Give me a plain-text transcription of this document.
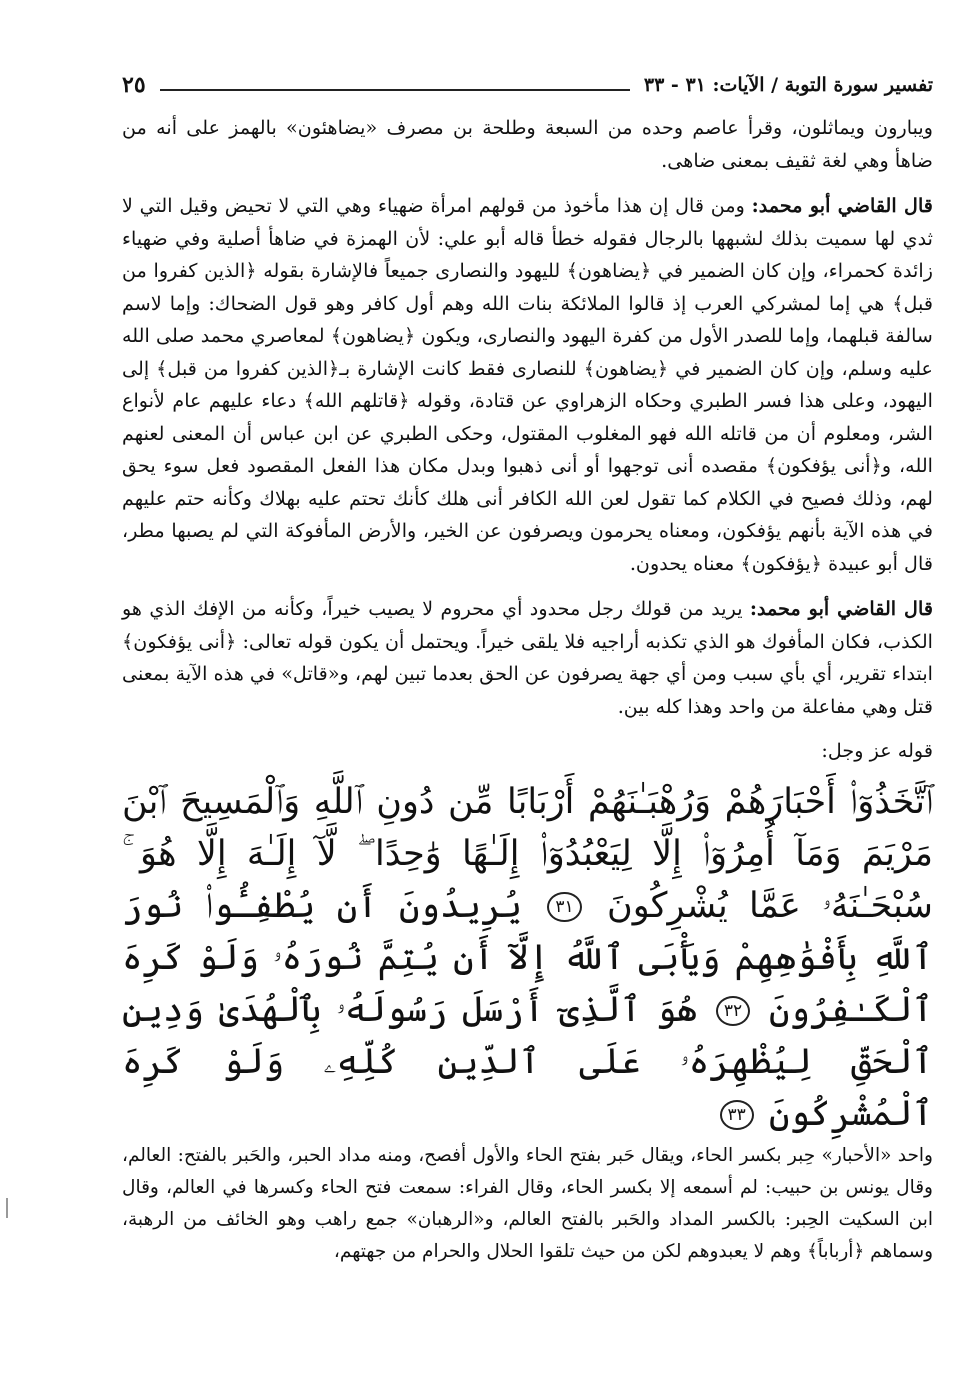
تفسير سورة التوبة / الآيات: ٣١ - ٣٣
٢٥

ويبارون ويماثلون، وقرأ عاصم وحده من السبعة وطلحة بن مصرف «يضاهئون» بالهمز على أنه من ضاهأ وهي لغة ثقيف بمعنى ضاهى.

قال القاضي أبو محمد: ومن قال إن هذا مأخوذ من قولهم امرأة ضهياء وهي التي لا تحيض وقيل التي لا ثدي لها سميت بذلك لشبهها بالرجال فقوله خطأ قاله أبو علي: لأن الهمزة في ضاهأ أصلية وفي ضهياء زائدة كحمراء، وإن كان الضمير في ﴿يضاهون﴾ لليهود والنصارى جميعاً فالإشارة بقوله ﴿الذين كفروا من قبل﴾ هي إما لمشركي العرب إذ قالوا الملائكة بنات الله وهم أول كافر وهو قول الضحاك: وإما لاسم سالفة قبلهما، وإما للصدر الأول من كفرة اليهود والنصارى، ويكون ﴿يضاهون﴾ لمعاصري محمد صلى الله عليه وسلم، وإن كان الضمير في ﴿يضاهون﴾ للنصارى فقط كانت الإشارة بـ﴿الذين كفروا من قبل﴾ إلى اليهود، وعلى هذا فسر الطبري وحكاه الزهراوي عن قتادة، وقوله ﴿قاتلهم الله﴾ دعاء عليهم عام لأنواع الشر، ومعلوم أن من قاتله الله فهو المغلوب المقتول، وحكى الطبري عن ابن عباس أن المعنى لعنهم الله، و﴿أنى يؤفكون﴾ مقصده أنى توجهوا أو أنى ذهبوا وبدل مكان هذا الفعل المقصود فعل سوء يحق لهم، وذلك فصيح في الكلام كما تقول لعن الله الكافر أنى هلك كأنك تحتم عليه بهلاك وكأنه حتم عليهم في هذه الآية بأنهم يؤفكون، ومعناه يحرمون ويصرفون عن الخير، والأرض المأفوكة التي لم يصبها مطر، قال أبو عبيدة ﴿يؤفكون﴾ معناه يحدون.

قال القاضي أبو محمد: يريد من قولك رجل محدود أي محروم لا يصيب خيراً، وكأنه من الإفك الذي هو الكذب، فكان المأفوك هو الذي تكذبه أراجيه فلا يلقى خيراً. ويحتمل أن يكون قوله تعالى: ﴿أنى يؤفكون﴾ ابتداء تقرير، أي بأي سبب ومن أي جهة يصرفون عن الحق بعدما تبين لهم، و«قاتل» في هذه الآية بمعنى قتل وهي مفاعلة من واحد وهذا كله بين.

قوله عز وجل:

ٱتَّخَذُوٓا۟ أَحْبَارَهُمْ وَرُهْبَـٰنَهُمْ أَرْبَابًا مِّن دُونِ ٱللَّهِ وَٱلْمَسِيحَ ٱبْنَ مَرْيَمَ وَمَآ أُمِرُوٓا۟ إِلَّا لِيَعْبُدُوٓا۟ إِلَـٰهًا وَٰحِدًا ۖ لَّآ إِلَـٰهَ إِلَّا هُوَ ۚ سُبْحَـٰنَهُۥ عَمَّا يُشْرِكُونَ ٣١ يُرِيدُونَ أَن يُطْفِـُٔوا۟ نُورَ ٱللَّهِ بِأَفْوَٰهِهِمْ وَيَأْبَى ٱللَّهُ إِلَّآ أَن يُتِمَّ نُورَهُۥ وَلَوْ كَرِهَ ٱلْكَـٰفِرُونَ ٣٢ هُوَ ٱلَّذِىٓ أَرْسَلَ رَسُولَهُۥ بِٱلْهُدَىٰ وَدِينِ ٱلْحَقِّ لِيُظْهِرَهُۥ عَلَى ٱلدِّينِ كُلِّهِۦ وَلَوْ كَرِهَ ٱلْمُشْرِكُونَ ٣٣

واحد «الأحبار» حِبر بكسر الحاء، ويقال حَبر بفتح الحاء والأول أفصح، ومنه مداد الحبر، والحَبر بالفتح: العالم، وقال يونس بن حبيب: لم أسمعه إلا بكسر الحاء، وقال الفراء: سمعت فتح الحاء وكسرها في العالم، وقال ابن السكيت الحِبر: بالكسر المداد والحَبر بالفتح العالم، و«الرهبان» جمع راهب وهو الخائف من الرهبة، وسماهم ﴿أرباباً﴾ وهم لا يعبدوهم لكن من حيث تلقوا الحلال والحرام من جهتهم،
